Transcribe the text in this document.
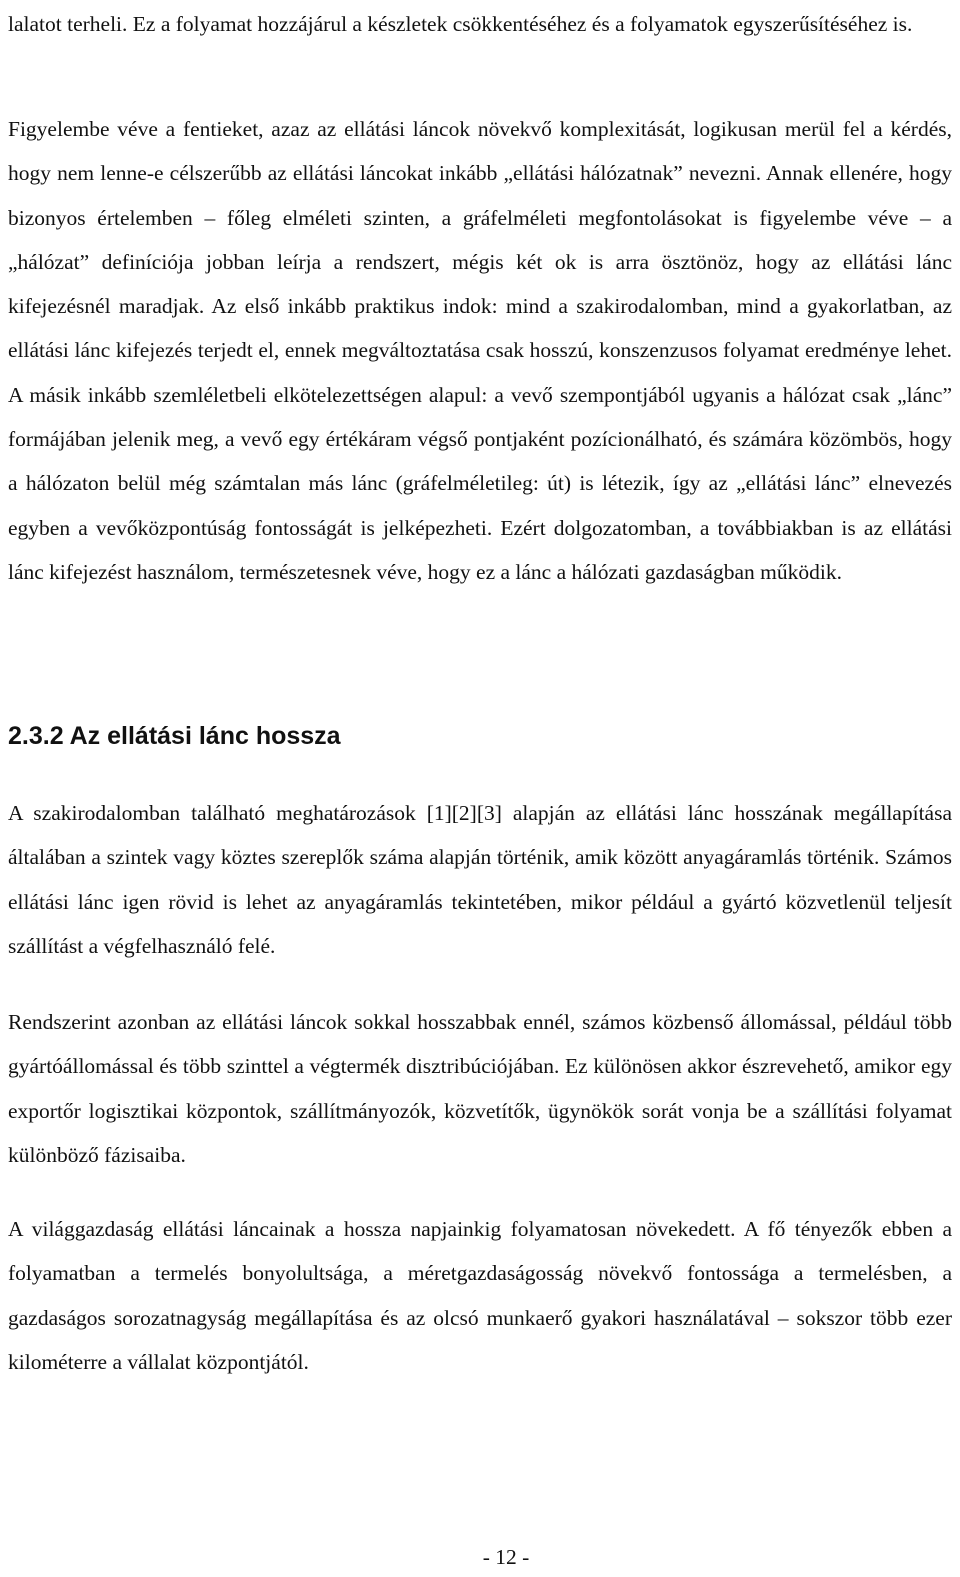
lalatot terheli. Ez a folyamat hozzájárul a készletek csökkentéséhez és a folyamatok egyszerűsítéséhez is.

Figyelembe véve a fentieket, azaz az ellátási láncok növekvő komplexitását, logikusan merül fel a kérdés, hogy nem lenne-e célszerűbb az ellátási láncokat inkább „ellátási hálózatnak” nevezni. Annak ellenére, hogy bizonyos értelemben – főleg elméleti szinten, a gráfelméleti megfontolásokat is figyelembe véve – a „hálózat” definíciója jobban leírja a rendszert, mégis két ok is arra ösztönöz, hogy az ellátási lánc kifejezésnél maradjak. Az első inkább praktikus indok: mind a szakirodalomban, mind a gyakorlatban, az ellátási lánc kifejezés terjedt el, ennek megváltoztatása csak hosszú, konszenzusos folyamat eredménye lehet. A másik inkább szemléletbeli elkötelezettségen alapul: a vevő szempontjából ugyanis a hálózat csak „lánc” formájában jelenik meg, a vevő egy értékáram végső pontjaként pozícionálható, és számára közömbös, hogy a hálózaton belül még számtalan más lánc (gráfelméletileg: út) is létezik, így az „ellátási lánc” elnevezés egyben a vevőközpontúság fontosságát is jelképezheti. Ezért dolgozatomban, a továbbiakban is az ellátási lánc kifejezést használom, természetesnek véve, hogy ez a lánc a hálózati gazdaságban működik.

2.3.2 Az ellátási lánc hossza

A szakirodalomban található meghatározások [1][2][3] alapján az ellátási lánc hosszának megállapítása általában a szintek vagy köztes szereplők száma alapján történik, amik között anyagáramlás történik. Számos ellátási lánc igen rövid is lehet az anyagáramlás tekintetében, mikor például a gyártó közvetlenül teljesít szállítást a végfelhasználó felé.

Rendszerint azonban az ellátási láncok sokkal hosszabbak ennél, számos közbenső állomással, például több gyártóállomással és több szinttel a végtermék disztribúciójában. Ez különösen akkor észrevehető, amikor egy exportőr logisztikai központok, szállítmányozók, közvetítők, ügynökök sorát vonja be a szállítási folyamat különböző fázisaiba.

A világgazdaság ellátási láncainak a hossza napjainkig folyamatosan növekedett. A fő tényezők ebben a folyamatban a termelés bonyolultsága, a méretgazdaságosság növekvő fontossága a termelésben, a gazdaságos sorozatnagyság megállapítása és az olcsó munkaerő gyakori használatával – sokszor több ezer kilométerre a vállalat központjától.

- 12 -
